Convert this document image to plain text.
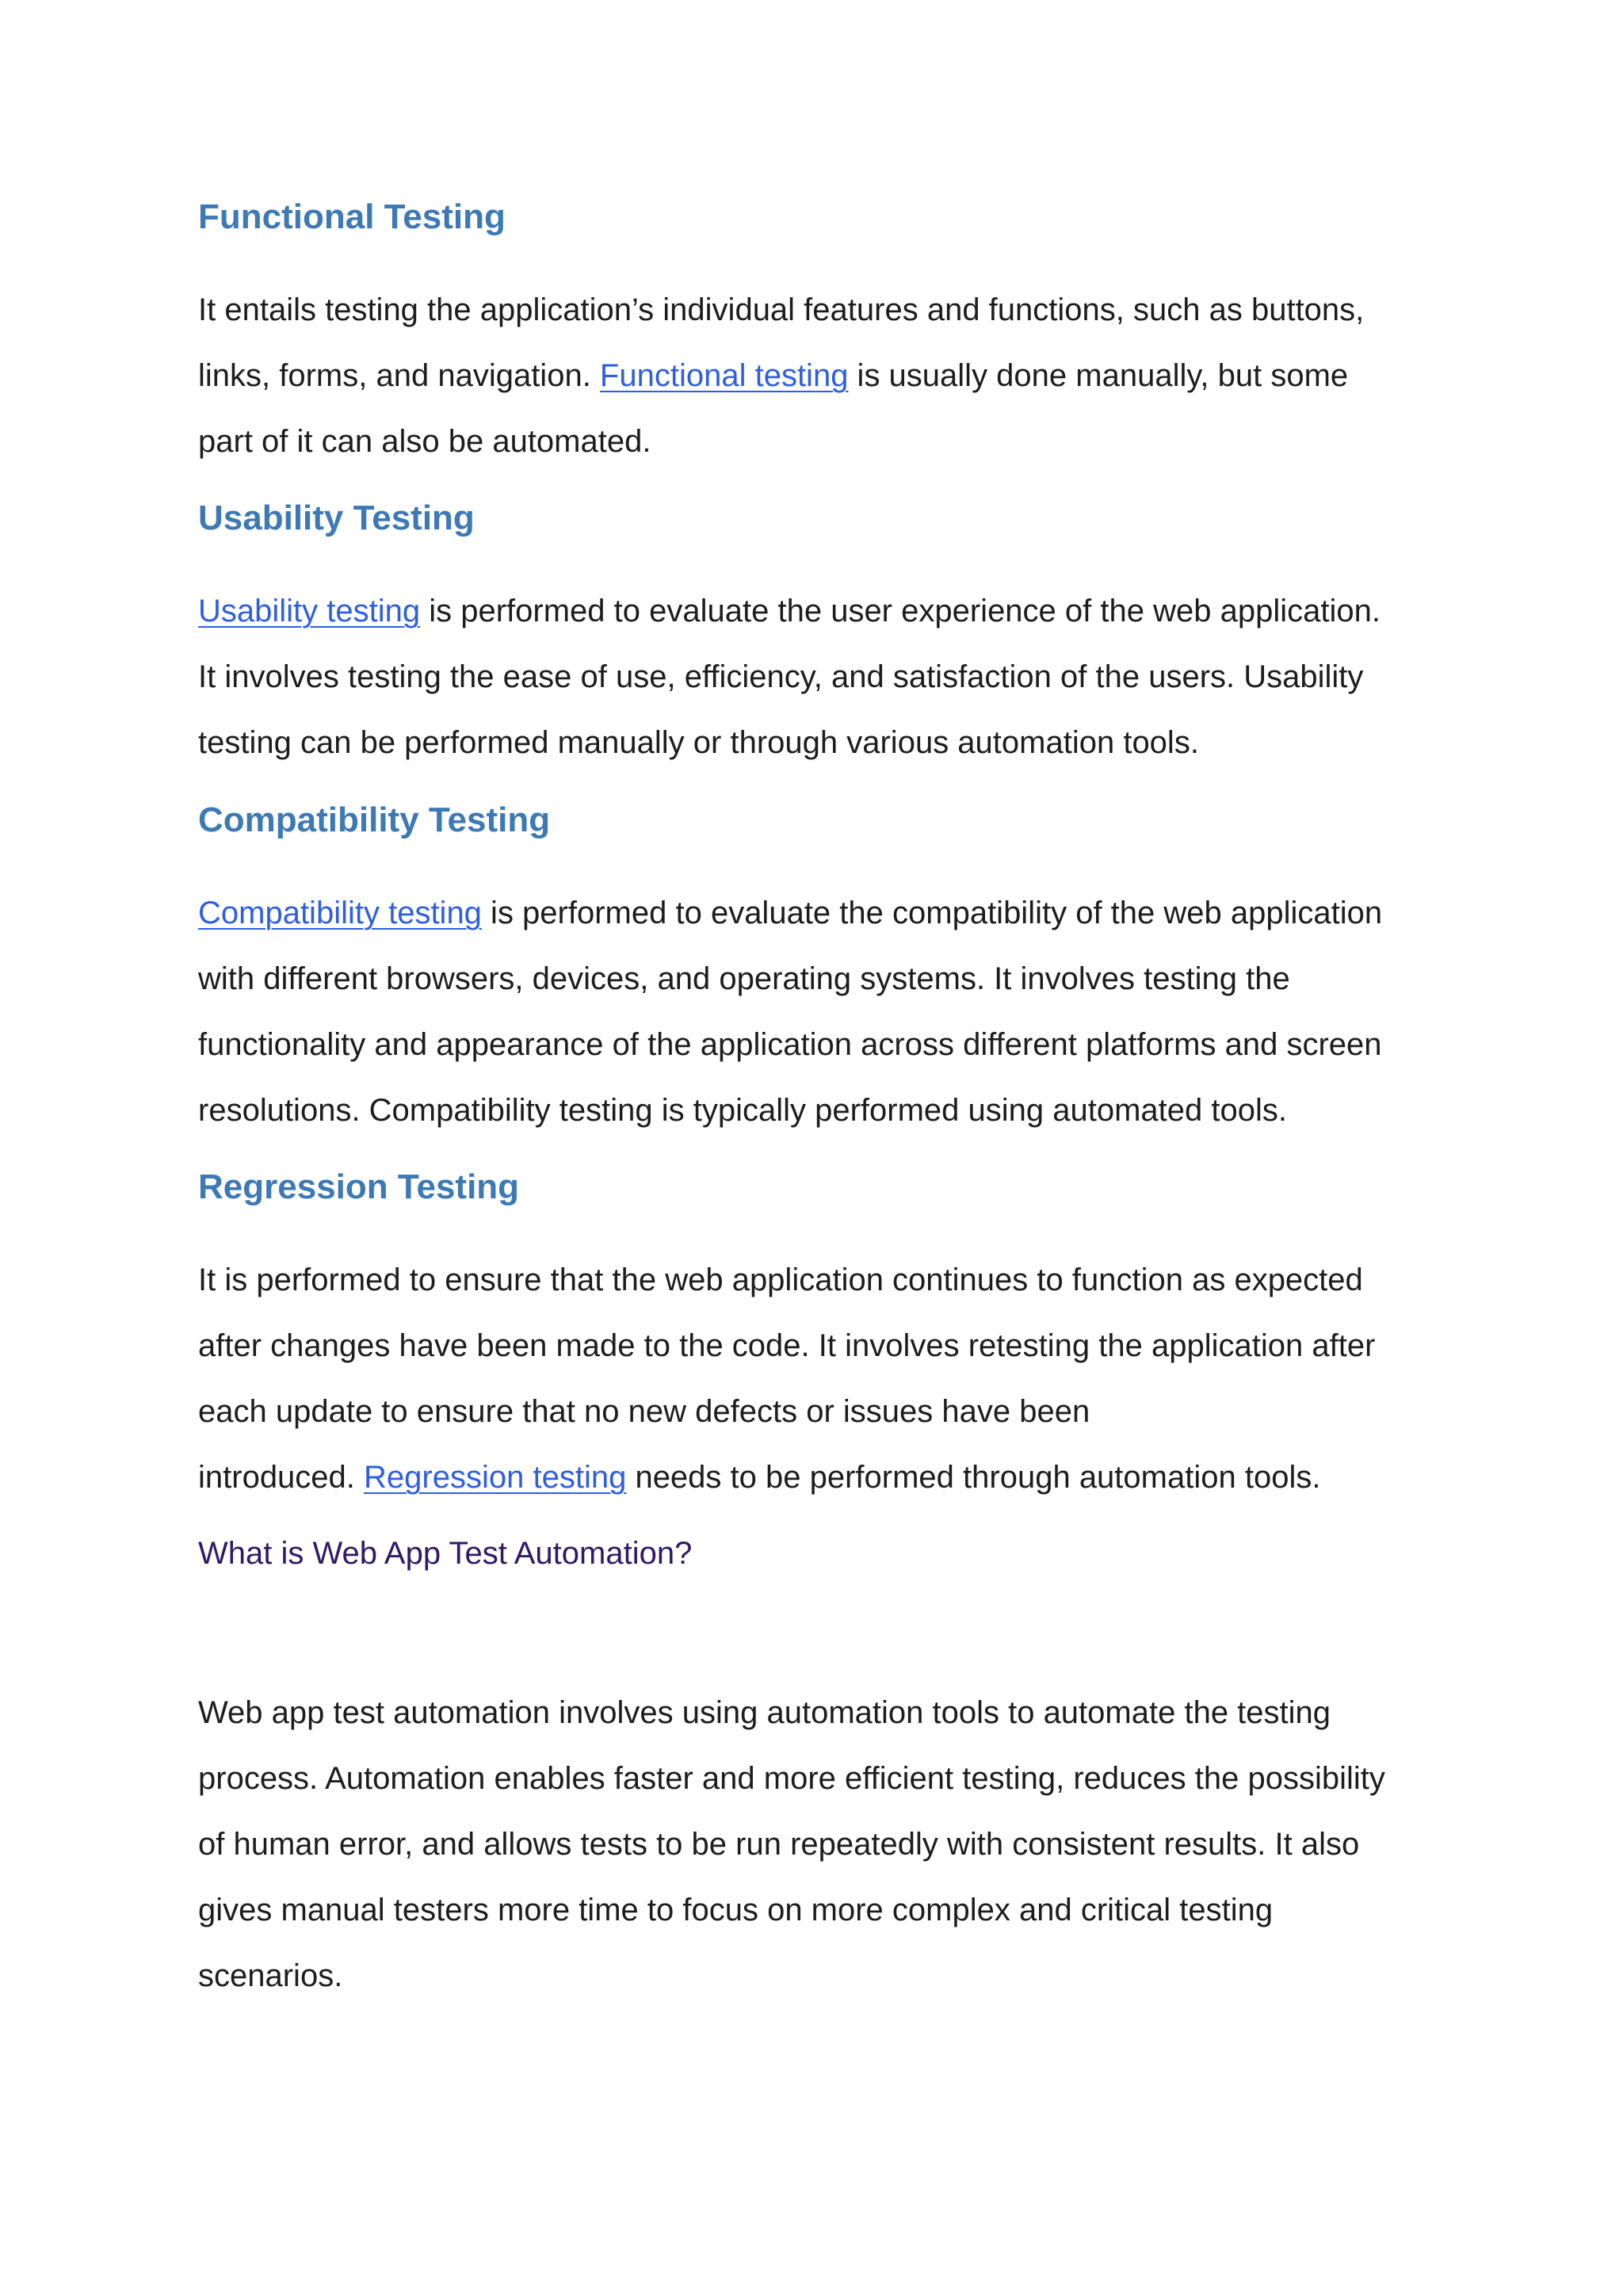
Functional Testing
It entails testing the application’s individual features and functions, such as buttons,
links, forms, and navigation. Functional testing is usually done manually, but some
part of it can also be automated.
Usability Testing
Usability testing is performed to evaluate the user experience of the web application.
It involves testing the ease of use, efficiency, and satisfaction of the users. Usability
testing can be performed manually or through various automation tools.
Compatibility Testing
Compatibility testing is performed to evaluate the compatibility of the web application
with different browsers, devices, and operating systems. It involves testing the
functionality and appearance of the application across different platforms and screen
resolutions. Compatibility testing is typically performed using automated tools.
Regression Testing
It is performed to ensure that the web application continues to function as expected
after changes have been made to the code. It involves retesting the application after
each update to ensure that no new defects or issues have been
introduced. Regression testing needs to be performed through automation tools.
What is Web App Test Automation?
Web app test automation involves using automation tools to automate the testing
process. Automation enables faster and more efficient testing, reduces the possibility
of human error, and allows tests to be run repeatedly with consistent results. It also
gives manual testers more time to focus on more complex and critical testing
scenarios.
